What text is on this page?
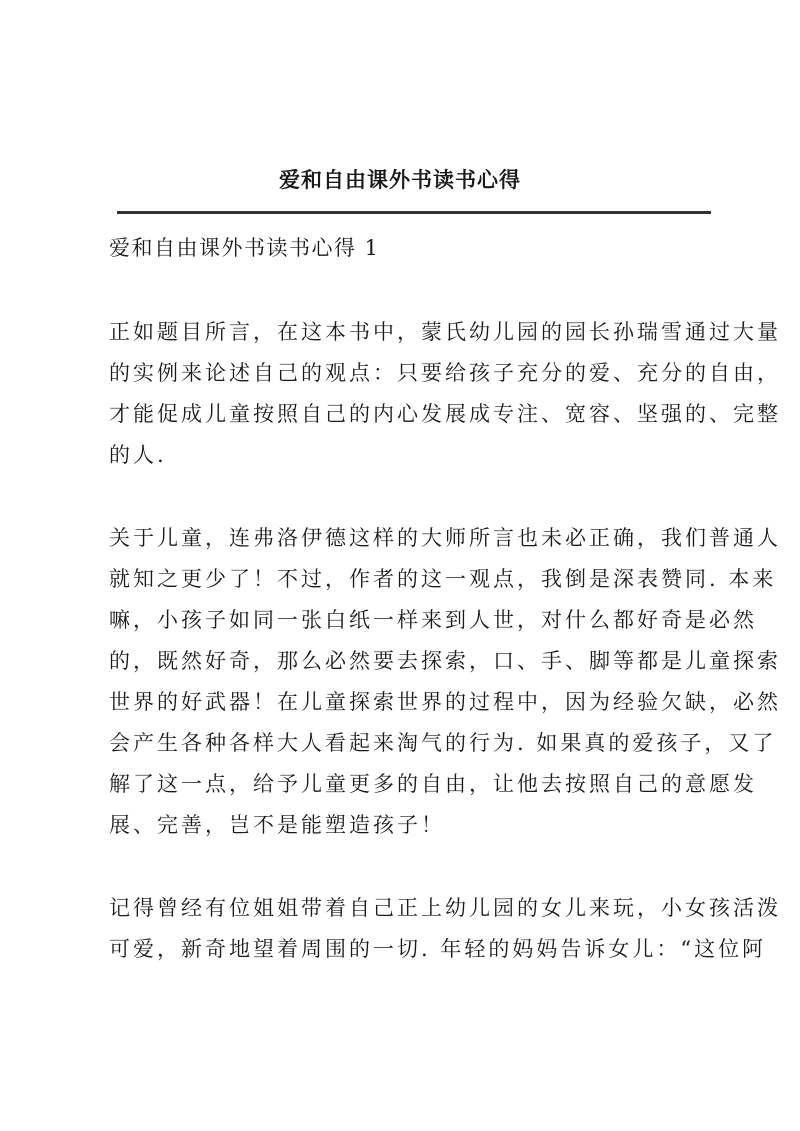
爱和自由课外书读书心得
爱和自由课外书读书心得 1

正如题目所言，在这本书中，蒙氏幼儿园的园长孙瑞雪通过大量
的实例来论述自己的观点：只要给孩子充分的爱、充分的自由，
才能促成儿童按照自己的内心发展成专注、宽容、坚强的、完整
的人.

关于儿童，连弗洛伊德这样的大师所言也未必正确，我们普通人
就知之更少了！不过，作者的这一观点，我倒是深表赞同. 本来
嘛，小孩子如同一张白纸一样来到人世，对什么都好奇是必然
的，既然好奇，那么必然要去探索，口、手、脚等都是儿童探索
世界的好武器！在儿童探索世界的过程中，因为经验欠缺，必然
会产生各种各样大人看起来淘气的行为. 如果真的爱孩子，又了
解了这一点，给予儿童更多的自由，让他去按照自己的意愿发
展、完善，岂不是能塑造孩子！

记得曾经有位姐姐带着自己正上幼儿园的女儿来玩，小女孩活泼
可爱，新奇地望着周围的一切. 年轻的妈妈告诉女儿：“这位阿
